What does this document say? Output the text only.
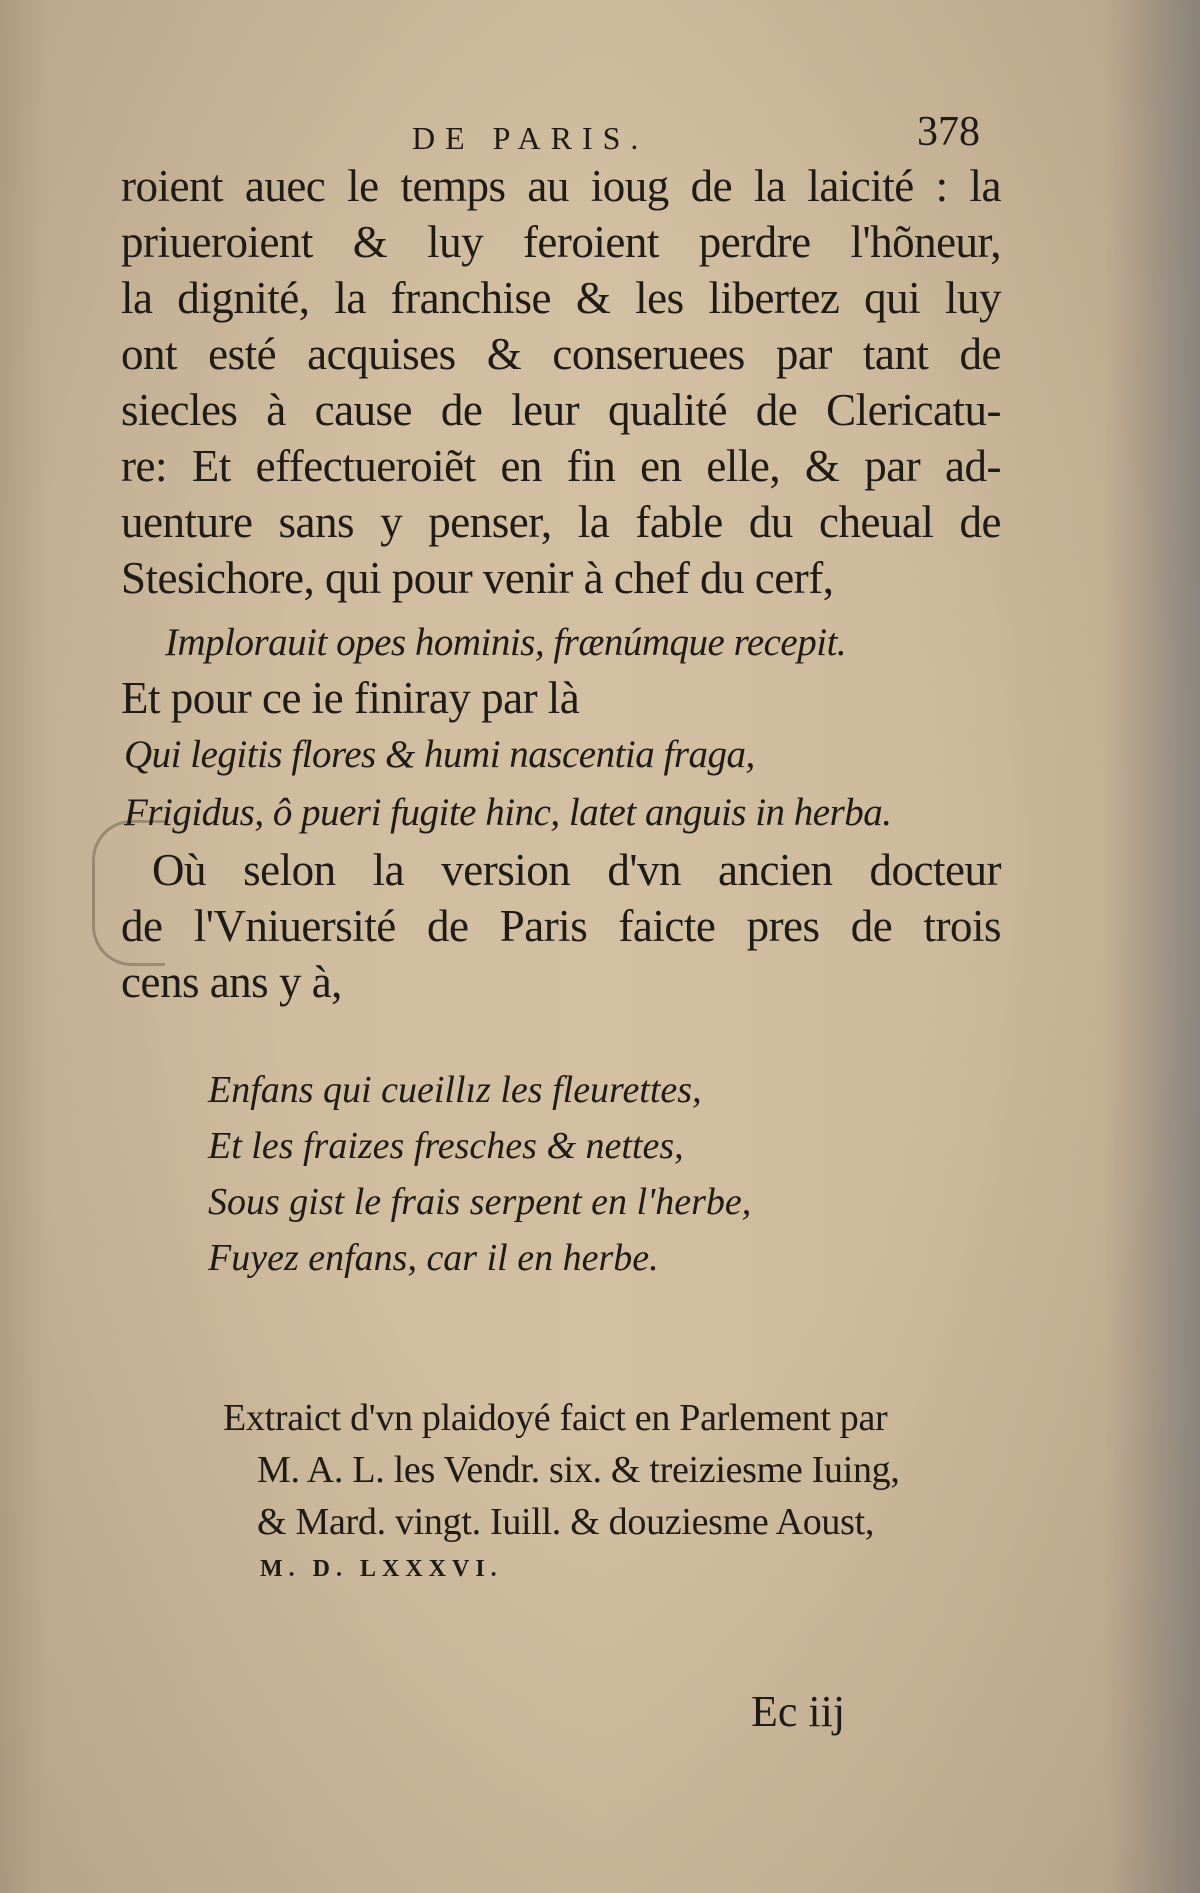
DE PARIS.	378
roient auec le temps au ioug de la laicité : la
priueroient & luy feroient perdre l'hõneur,
la dignité, la franchise & les libertez qui luy
ont esté acquises & conseruees par tant de
siecles à cause de leur qualité de Clericatu-
re: Et effectueroiẽt en fin en elle, & par ad-
uenture sans y penser, la fable du cheual de
Stesichore, qui pour venir à chef du cerf,
Implorauit opes hominis, frænúmque recepit.
Et pour ce ie finiray par là
Qui legitis flores & humi nascentia fraga,
Frigidus, ô pueri fugite hinc, latet anguis in herba.
Où selon la version d'vn ancien docteur
de l'Vniuersité de Paris faicte pres de trois
cens ans y à,
Enfans qui cueillız les fleurettes,
Et les fraizes fresches & nettes,
Sous gist le frais serpent en l'herbe,
Fuyez enfans, car il en herbe.
Extraict d'vn plaidoyé faict en Parlement par
M. A. L. les Vendr. six. & treiziesme Iuing,
& Mard. vingt. Iuill. & douziesme Aoust,
M. D. LXXXVI.
Ec iij
